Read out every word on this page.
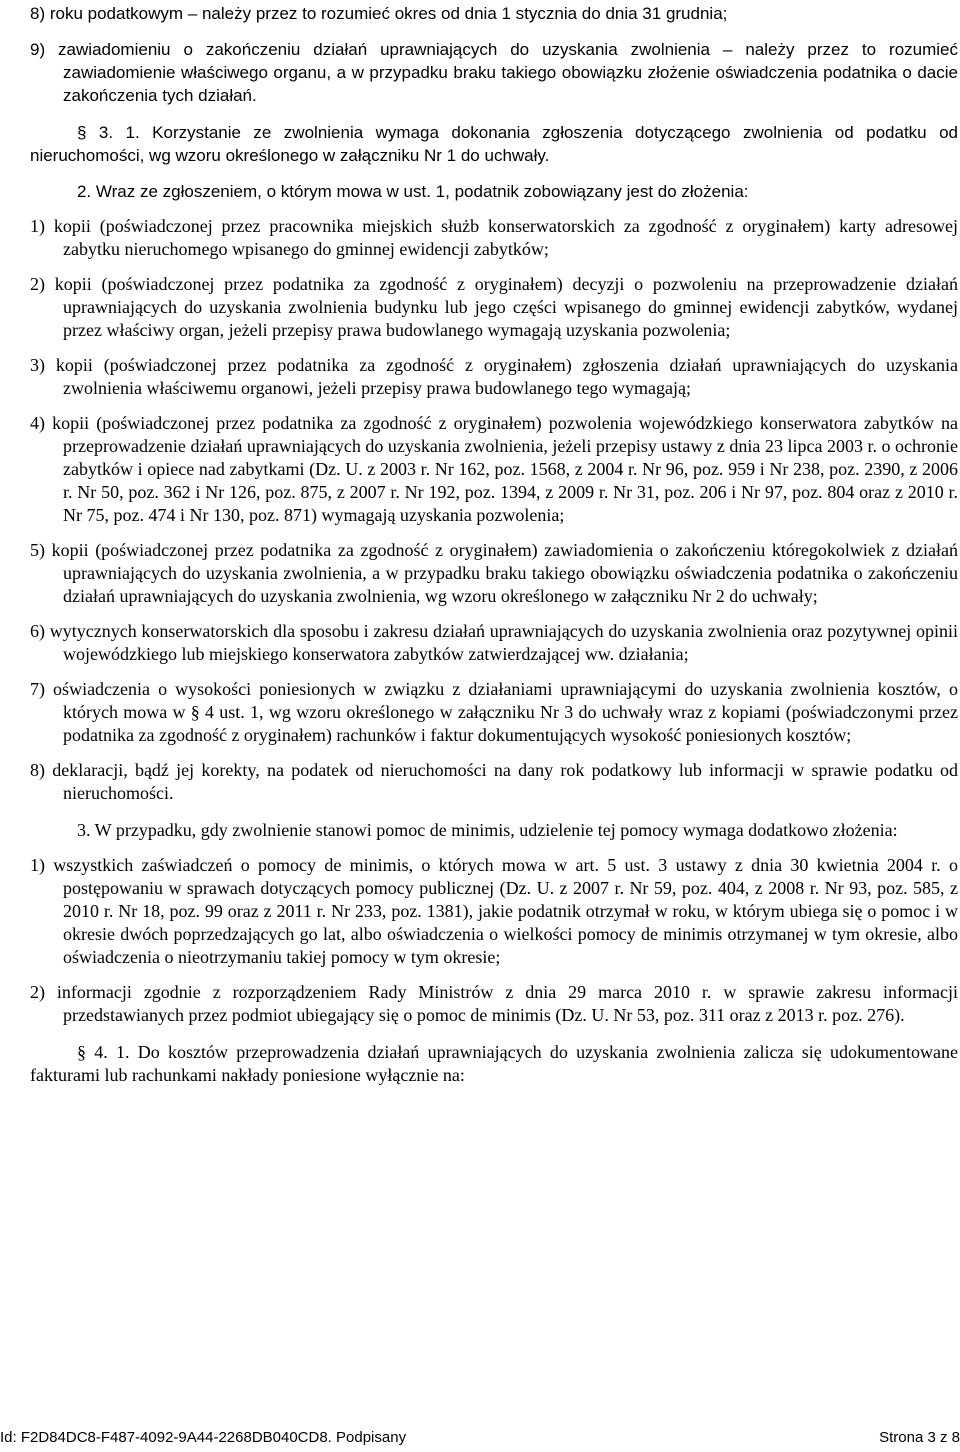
8) roku podatkowym – należy przez to rozumieć okres od dnia 1 stycznia do dnia 31 grudnia;

9) zawiadomieniu o zakończeniu działań uprawniających do uzyskania zwolnienia – należy przez to rozumieć zawiadomienie właściwego organu, a w przypadku braku takiego obowiązku złożenie oświadczenia podatnika o dacie zakończenia tych działań.

§ 3. 1. Korzystanie ze zwolnienia wymaga dokonania zgłoszenia dotyczącego zwolnienia od podatku od nieruchomości, wg wzoru określonego w załączniku Nr 1 do uchwały.

2. Wraz ze zgłoszeniem, o którym mowa w ust. 1, podatnik zobowiązany jest do złożenia:

1) kopii (poświadczonej przez pracownika miejskich służb konserwatorskich za zgodność z oryginałem) karty adresowej zabytku nieruchomego wpisanego do gminnej ewidencji zabytków;

2) kopii (poświadczonej przez podatnika za zgodność z oryginałem) decyzji o pozwoleniu na przeprowadzenie działań uprawniających do uzyskania zwolnienia budynku lub jego części wpisanego do gminnej ewidencji zabytków, wydanej przez właściwy organ, jeżeli przepisy prawa budowlanego wymagają uzyskania pozwolenia;

3) kopii (poświadczonej przez podatnika za zgodność z oryginałem) zgłoszenia działań uprawniających do uzyskania zwolnienia właściwemu organowi, jeżeli przepisy prawa budowlanego tego wymagają;

4) kopii (poświadczonej przez podatnika za zgodność z oryginałem) pozwolenia wojewódzkiego konserwatora zabytków na przeprowadzenie działań uprawniających do uzyskania zwolnienia, jeżeli przepisy ustawy z dnia 23 lipca 2003 r. o ochronie zabytków i opiece nad zabytkami (Dz. U. z 2003 r. Nr 162, poz. 1568, z 2004 r. Nr 96, poz. 959 i Nr 238, poz. 2390, z 2006 r. Nr 50, poz. 362 i Nr 126, poz. 875, z 2007 r. Nr 192, poz. 1394, z 2009 r. Nr 31, poz. 206 i Nr 97, poz. 804 oraz z 2010 r. Nr 75, poz. 474 i Nr 130, poz. 871) wymagają uzyskania pozwolenia;

5) kopii (poświadczonej przez podatnika za zgodność z oryginałem) zawiadomienia o zakończeniu któregokolwiek z działań uprawniających do uzyskania zwolnienia, a w przypadku braku takiego obowiązku oświadczenia podatnika o zakończeniu działań uprawniających do uzyskania zwolnienia, wg wzoru określonego w załączniku Nr 2 do uchwały;

6) wytycznych konserwatorskich dla sposobu i zakresu działań uprawniających do uzyskania zwolnienia oraz pozytywnej opinii wojewódzkiego lub miejskiego konserwatora zabytków zatwierdzającej ww. działania;

7) oświadczenia o wysokości poniesionych w związku z działaniami uprawniającymi do uzyskania zwolnienia kosztów, o których mowa w § 4 ust. 1, wg wzoru określonego w załączniku Nr 3 do uchwały wraz z kopiami (poświadczonymi przez podatnika za zgodność z oryginałem) rachunków i faktur dokumentujących wysokość poniesionych kosztów;

8) deklaracji, bądź jej korekty, na podatek od nieruchomości na dany rok podatkowy lub informacji w sprawie podatku od nieruchomości.

3. W przypadku, gdy zwolnienie stanowi pomoc de minimis, udzielenie tej pomocy wymaga dodatkowo złożenia:

1) wszystkich zaświadczeń o pomocy de minimis, o których mowa w art. 5 ust. 3 ustawy z dnia 30 kwietnia 2004 r. o postępowaniu w sprawach dotyczących pomocy publicznej (Dz. U. z 2007 r. Nr 59, poz. 404, z 2008 r. Nr 93, poz. 585, z 2010 r. Nr 18, poz. 99 oraz z 2011 r. Nr 233, poz. 1381), jakie podatnik otrzymał w roku, w którym ubiega się o pomoc i w okresie dwóch poprzedzających go lat, albo oświadczenia o wielkości pomocy de minimis otrzymanej w tym okresie, albo oświadczenia o nieotrzymaniu takiej pomocy w tym okresie;

2) informacji zgodnie z rozporządzeniem Rady Ministrów z dnia 29 marca 2010 r. w sprawie zakresu informacji przedstawianych przez podmiot ubiegający się o pomoc de minimis (Dz. U. Nr 53, poz. 311 oraz z 2013 r. poz. 276).

§ 4. 1. Do kosztów przeprowadzenia działań uprawniających do uzyskania zwolnienia zalicza się udokumentowane fakturami lub rachunkami nakłady poniesione wyłącznie na:

Id: F2D84DC8-F487-4092-9A44-2268DB040CD8. Podpisany	Strona 3 z 8
